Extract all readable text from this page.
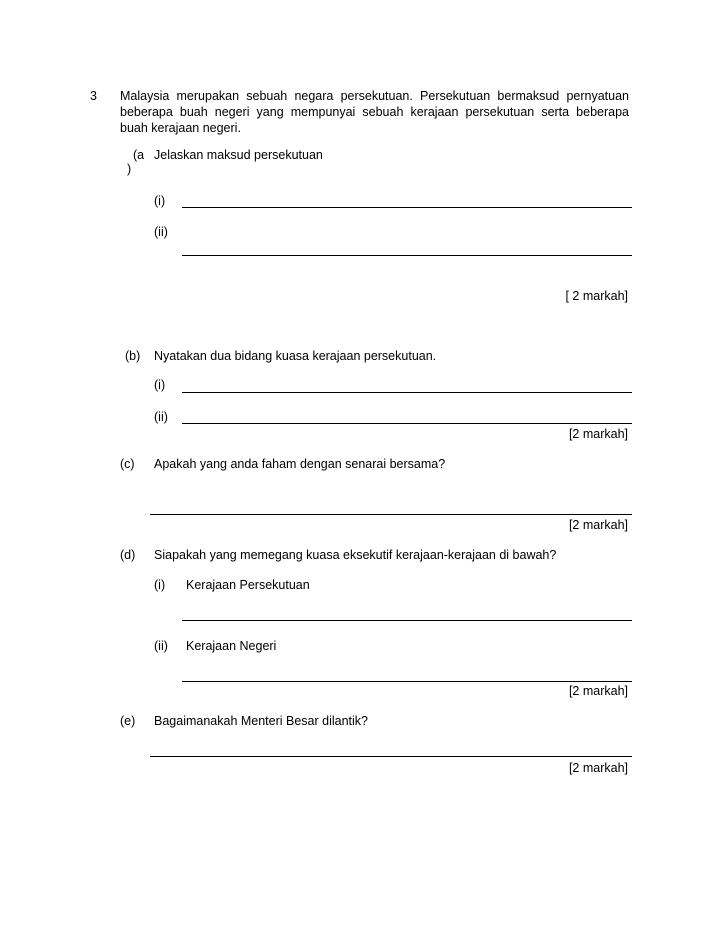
3 Malaysia merupakan sebuah negara persekutuan. Persekutuan bermaksud pernyatuan
beberapa buah negeri yang mempunyai sebuah kerajaan persekutuan serta beberapa
buah kerajaan negeri.
(a
)
Jelaskan maksud persekutuan
(i)
(ii)
[ 2 markah]
(b) Nyatakan dua bidang kuasa kerajaan persekutuan.
(i)
(ii)
[2 markah]
(c) Apakah yang anda faham dengan senarai bersama?
[2 markah]
(d) Siapakah yang memegang kuasa eksekutif kerajaan-kerajaan di bawah?
(i) Kerajaan Persekutuan
(ii) Kerajaan Negeri
[2 markah]
(e) Bagaimanakah Menteri Besar dilantik?
[2 markah]
